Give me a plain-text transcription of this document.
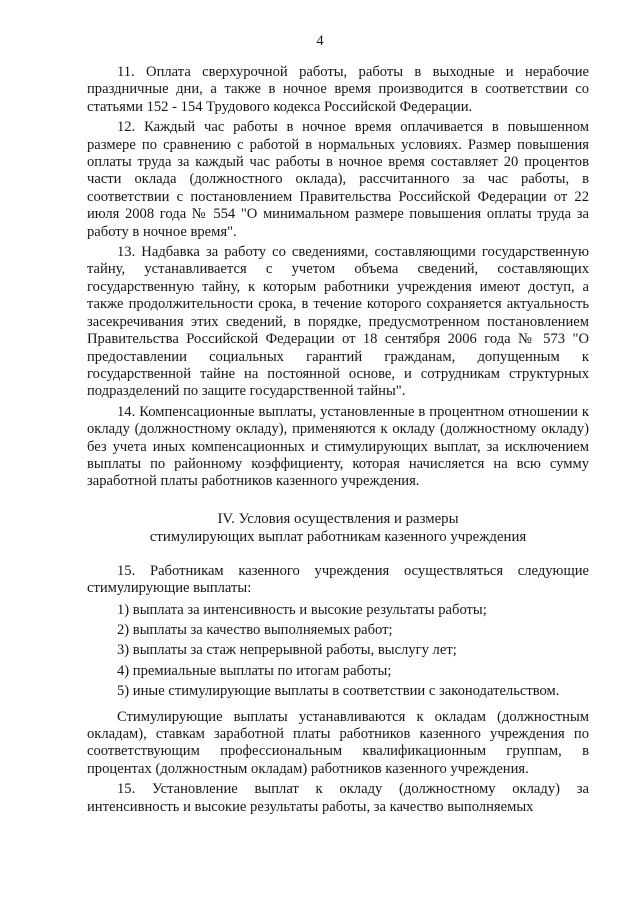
4

11. Оплата сверхурочной работы, работы в выходные и нерабочие праздничные дни, а также в ночное время производится в соответствии со статьями 152 - 154 Трудового кодекса Российской Федерации.

12. Каждый час работы в ночное время оплачивается в повышенном размере по сравнению с работой в нормальных условиях. Размер повышения оплаты труда за каждый час работы в ночное время составляет 20 процентов части оклада (должностного оклада), рассчитанного за час работы, в соответствии с постановлением Правительства Российской Федерации от 22 июля 2008 года № 554 "О минимальном размере повышения оплаты труда за работу в ночное время".

13. Надбавка за работу со сведениями, составляющими государственную тайну, устанавливается с учетом объема сведений, составляющих государственную тайну, к которым работники учреждения имеют доступ, а также продолжительности срока, в течение которого сохраняется актуальность засекречивания этих сведений, в порядке, предусмотренном постановлением Правительства Российской Федерации от 18 сентября 2006 года № 573 "О предоставлении социальных гарантий гражданам, допущенным к государственной тайне на постоянной основе, и сотрудникам структурных подразделений по защите государственной тайны".

14. Компенсационные выплаты, установленные в процентном отношении к окладу (должностному окладу), применяются к окладу (должностному окладу) без учета иных компенсационных и стимулирующих выплат, за исключением выплаты по районному коэффициенту, которая начисляется на всю сумму заработной платы работников казенного учреждения.

IV. Условия осуществления и размеры
стимулирующих выплат работникам казенного учреждения

15. Работникам казенного учреждения осуществляться следующие стимулирующие выплаты:

1) выплата за интенсивность и высокие результаты работы;
2) выплаты за качество выполняемых работ;
3) выплаты за стаж непрерывной работы, выслугу лет;
4) премиальные выплаты по итогам работы;
5) иные стимулирующие выплаты в соответствии с законодательством.

Стимулирующие выплаты устанавливаются к окладам (должностным окладам), ставкам заработной платы работников казенного учреждения по соответствующим профессиональным квалификационным группам, в процентах (должностным окладам) работников казенного учреждения.

15. Установление выплат к окладу (должностному окладу) за интенсивность и высокие результаты работы, за качество выполняемых
